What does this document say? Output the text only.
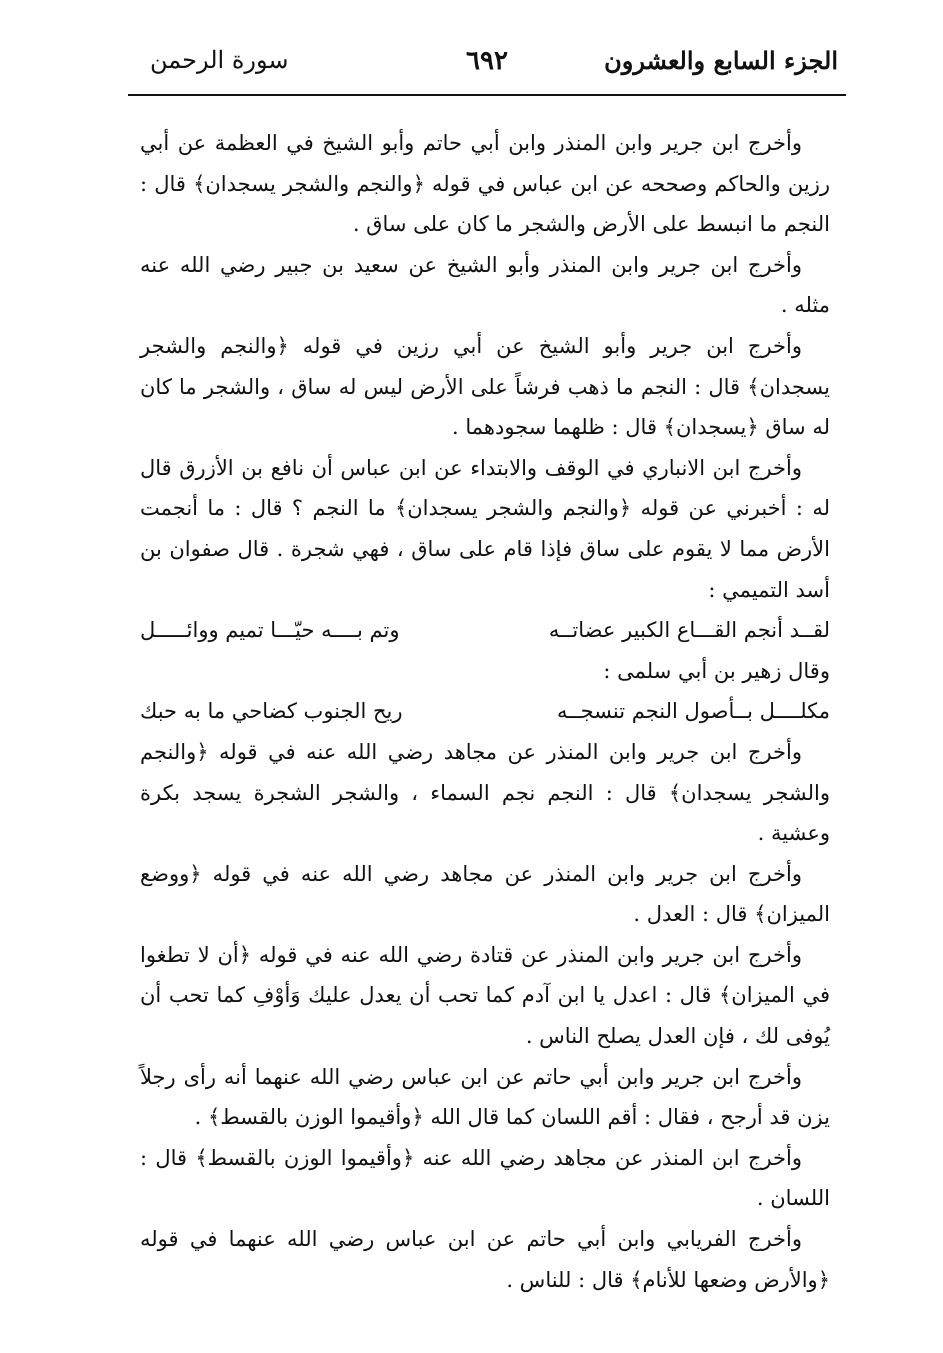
الجزء السابع والعشرون
٦٩٢
سورة الرحمن

وأخرج ابن جرير وابن المنذر وابن أبي حاتم وأبو الشيخ في العظمة عن أبي رزين والحاكم وصححه عن ابن عباس في قوله ﴿والنجم والشجر يسجدان﴾ قال : النجم ما انبسط على الأرض والشجر ما كان على ساق .

وأخرج ابن جرير وابن المنذر وأبو الشيخ عن سعيد بن جبير رضي الله عنه مثله .

وأخرج ابن جرير وأبو الشيخ عن أبي رزين في قوله ﴿والنجم والشجر يسجدان﴾ قال : النجم ما ذهب فرشاً على الأرض ليس له ساق ، والشجر ما كان له ساق ﴿يسجدان﴾ قال : ظلهما سجودهما .

وأخرج ابن الانباري في الوقف والابتداء عن ابن عباس أن نافع بن الأزرق قال له : أخبرني عن قوله ﴿والنجم والشجر يسجدان﴾ ما النجم ؟ قال : ما أنجمت الأرض مما لا يقوم على ساق فإذا قام على ساق ، فهي شجرة . قال صفوان بن أسد التميمي :

لقــد أنجم القـــاع الكبير عضاتــه
وتم بــــه حيّـــا تميم ووائـــــل

وقال زهير بن أبي سلمى :

مكلــــل بــأصول النجم تنسجــه
ريح الجنوب كضاحي ما به حبك

وأخرج ابن جرير وابن المنذر عن مجاهد رضي الله عنه في قوله ﴿والنجم والشجر يسجدان﴾ قال : النجم نجم السماء ، والشجر الشجرة يسجد بكرة وعشية .

وأخرج ابن جرير وابن المنذر عن مجاهد رضي الله عنه في قوله ﴿ووضع الميزان﴾ قال : العدل .

وأخرج ابن جرير وابن المنذر عن قتادة رضي الله عنه في قوله ﴿أن لا تطغوا في الميزان﴾ قال : اعدل يا ابن آدم كما تحب أن يعدل عليك وَأوْفِ كما تحب أن يُوفى لك ، فإن العدل يصلح الناس .

وأخرج ابن جرير وابن أبي حاتم عن ابن عباس رضي الله عنهما أنه رأى رجلاً يزن قد أرجح ، فقال : أقم اللسان كما قال الله ﴿وأقيموا الوزن بالقسط﴾ .

وأخرج ابن المنذر عن مجاهد رضي الله عنه ﴿وأقيموا الوزن بالقسط﴾ قال : اللسان .

وأخرج الفريابي وابن أبي حاتم عن ابن عباس رضي الله عنهما في قوله ﴿والأرض وضعها للأنام﴾ قال : للناس .
